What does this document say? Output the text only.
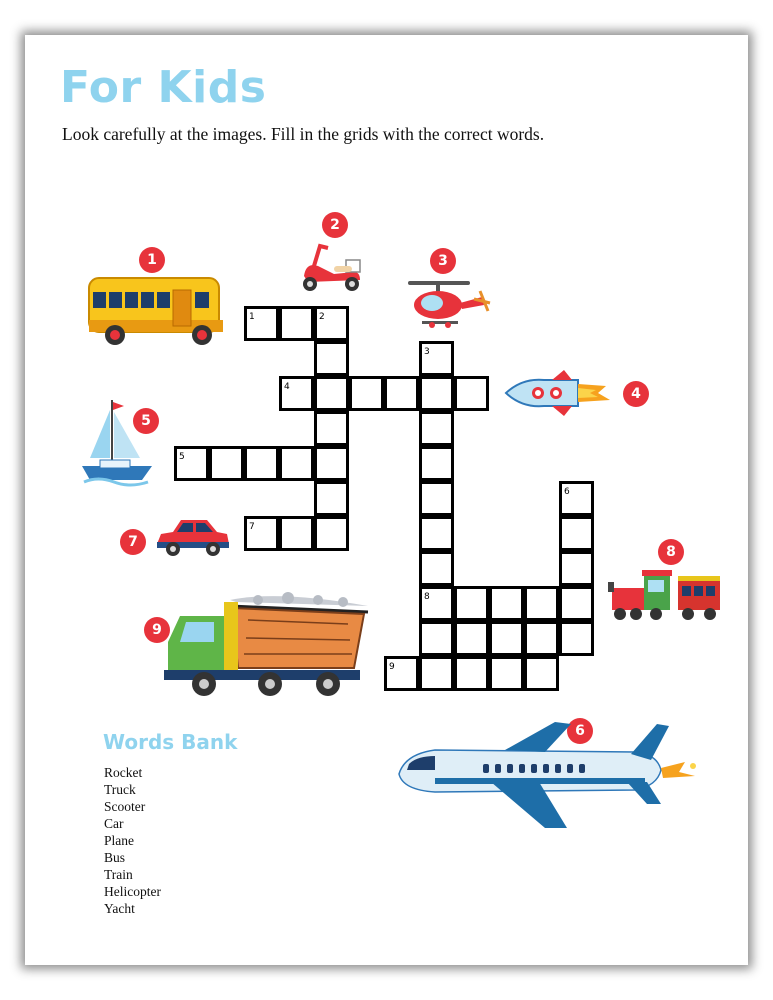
For Kids
Look carefully at the images. Fill in the grids with the correct words.
1	2
3
4
5
6
7
8
9
1
2
3
4
5
7
8
9
6
Words Bank
Rocket
Truck
Scooter
Car
Plane
Bus
Train
Helicopter
Yacht
